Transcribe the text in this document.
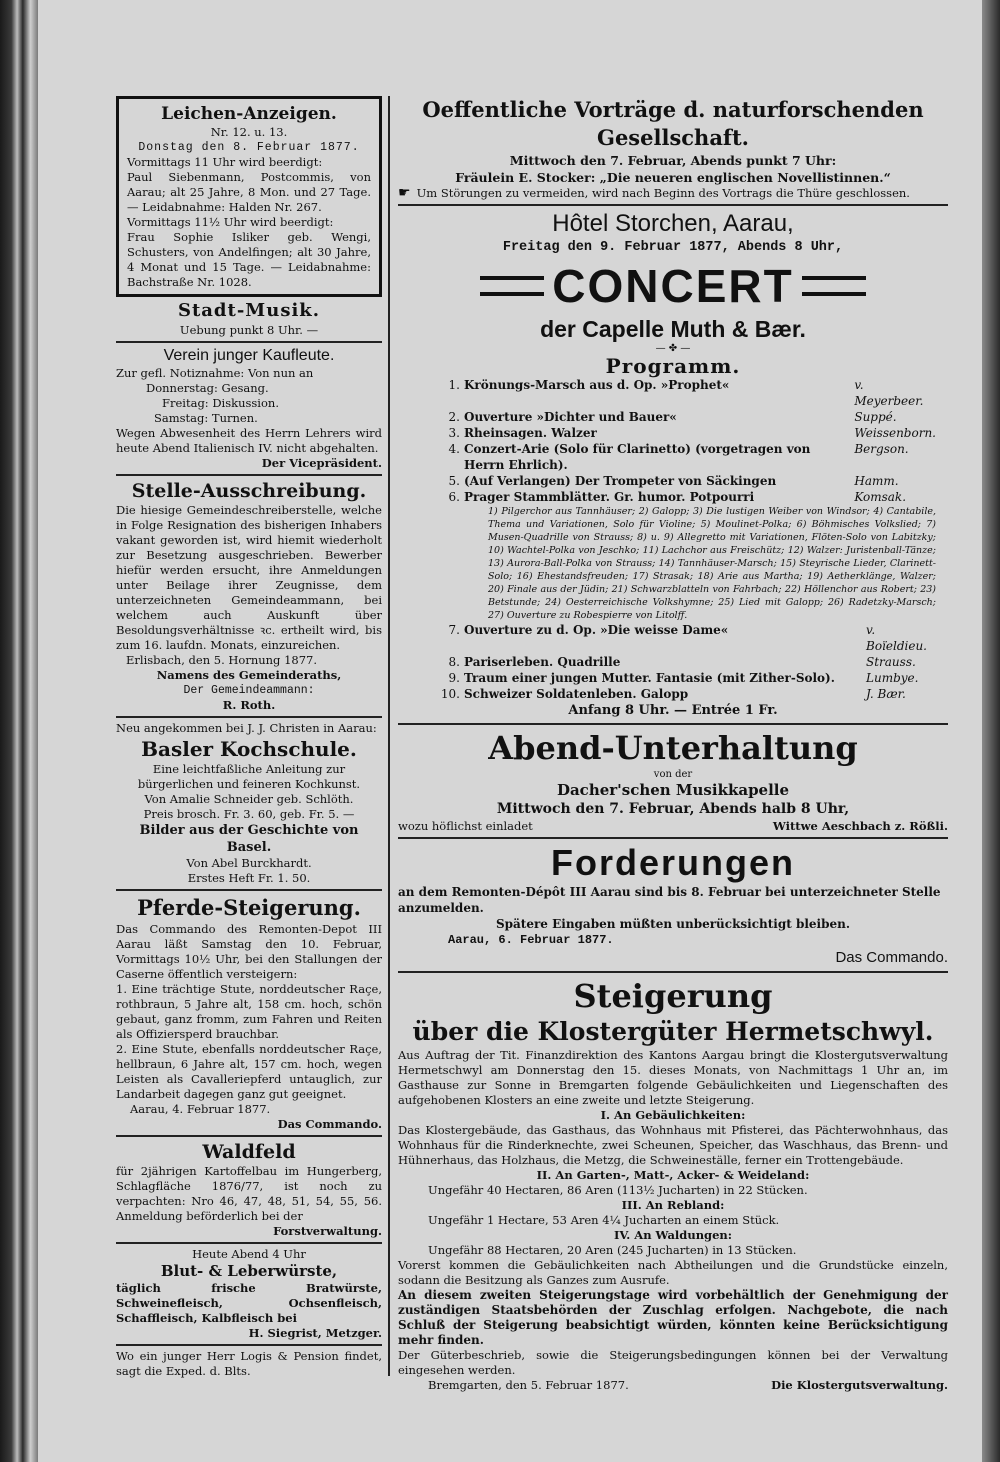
Leichen-Anzeigen.
Nr. 12. u. 13.
Donstag den 8. Februar 1877.
Vormittags 11 Uhr wird beerdigt:
Paul Siebenmann, Postcommis, von Aarau; alt 25 Jahre, 8 Mon. und 27 Tage. — Leidabnahme: Halden Nr. 267.
Vormittags 11½ Uhr wird beerdigt:
Frau Sophie Isliker geb. Wengi, Schusters, von Andelfingen; alt 30 Jahre, 4 Monat und 15 Tage. — Leidabnahme: Bachstraße Nr. 1028.
Stadt-Musik.
Uebung punkt 8 Uhr. —
Verein junger Kaufleute.
Zur gefl. Notiznahme: Von nun an
Donnerstag: Gesang.
Freitag: Diskussion.
Samstag: Turnen.
Wegen Abwesenheit des Herrn Lehrers wird heute Abend Italienisch IV. nicht abgehalten.
Der Vicepräsident.
Stelle-Ausschreibung.
Die hiesige Gemeindeschreiberstelle, welche in Folge Resignation des bisherigen Inhabers vakant geworden ist, wird hiemit wiederholt zur Besetzung ausgeschrieben. Bewerber hiefür werden ersucht, ihre Anmeldungen unter Beilage ihrer Zeugnisse, dem unterzeichneten Gemeindeammann, bei welchem auch Auskunft über Besoldungsverhältnisse ꝛc. ertheilt wird, bis zum 16. laufdn. Monats, einzureichen.
Erlisbach, den 5. Hornung 1877.
Namens des Gemeinderaths,
Der Gemeindeammann:
R. Roth.
Neu angekommen bei J. J. Christen in Aarau:
Basler Kochschule.
Eine leichtfaßliche Anleitung zur bürgerlichen und feineren Kochkunst.
Von Amalie Schneider geb. Schlöth.
Preis brosch. Fr. 3. 60, geb. Fr. 5. —
Bilder aus der Geschichte von Basel.
Von Abel Burckhardt.
Erstes Heft Fr. 1. 50.
Pferde-Steigerung.
Das Commando des Remonten-Depot III Aarau läßt Samstag den 10. Februar, Vormittags 10½ Uhr, bei den Stallungen der Caserne öffentlich versteigern:
1. Eine trächtige Stute, norddeutscher Raçe, rothbraun, 5 Jahre alt, 158 cm. hoch, schön gebaut, ganz fromm, zum Fahren und Reiten als Offiziersperd brauchbar.
2. Eine Stute, ebenfalls norddeutscher Raçe, hellbraun, 6 Jahre alt, 157 cm. hoch, wegen Leisten als Cavalleriepferd untauglich, zur Landarbeit dagegen ganz gut geeignet.
Aarau, 4. Februar 1877.
Das Commando.
Waldfeld
für 2jährigen Kartoffelbau im Hungerberg, Schlagfläche 1876/77, ist noch zu verpachten: Nro 46, 47, 48, 51, 54, 55, 56. Anmeldung beförderlich bei der
Forstverwaltung.
Heute Abend 4 Uhr
Blut- & Leberwürste,
täglich frische Bratwürste, Schweinefleisch, Ochsenfleisch, Schaffleisch, Kalbfleisch bei
H. Siegrist, Metzger.
Wo ein junger Herr Logis & Pension findet, sagt die Exped. d. Blts.
Oeffentliche Vorträge d. naturforschenden Gesellschaft.
Mittwoch den 7. Februar, Abends punkt 7 Uhr:
Fräulein E. Stocker: „Die neueren englischen Novellistinnen.“
☛ Um Störungen zu vermeiden, wird nach Beginn des Vortrags die Thüre geschlossen.
Hôtel Storchen, Aarau,
Freitag den 9. Februar 1877, Abends 8 Uhr,
CONCERT
der Capelle Muth & Bær.
— ✤ —
Programm.
1.	Krönungs-Marsch aus d. Op. »Prophet«	v. Meyerbeer.
2.	Ouverture »Dichter und Bauer«	Suppé.
3.	Rheinsagen. Walzer	Weissenborn.
4.	Conzert-Arie (Solo für Clarinetto) (vorgetragen von Herrn Ehrlich).	Bergson.
5.	(Auf Verlangen) Der Trompeter von Säckingen	Hamm.
6.	Prager Stammblätter. Gr. humor. Potpourri	Komsak.
1) Pilgerchor aus Tannhäuser; 2) Galopp; 3) Die lustigen Weiber von Windsor; 4) Cantabile, Thema und Variationen, Solo für Violine; 5) Moulinet-Polka; 6) Böhmisches Volkslied; 7) Musen-Quadrille von Strauss; 8) u. 9) Allegretto mit Variationen, Flöten-Solo von Labitzky; 10) Wachtel-Polka von Jeschko; 11) Lachchor aus Freischütz; 12) Walzer: Juristenball-Tänze; 13) Aurora-Ball-Polka von Strauss; 14) Tannhäuser-Marsch; 15) Steyrische Lieder, Clarinett-Solo; 16) Ehestandsfreuden; 17) Strasak; 18) Arie aus Martha; 19) Aetherklänge, Walzer; 20) Finale aus der Jüdin; 21) Schwarzblatteln von Fahrbach; 22) Höllenchor aus Robert; 23) Betstunde; 24) Oesterreichische Volkshymne; 25) Lied mit Galopp; 26) Radetzky-Marsch; 27) Ouverture zu Robespierre von Litolff.
7.	Ouverture zu d. Op. »Die weisse Dame«	v. Boïeldieu.
8.	Pariserleben. Quadrille	Strauss.
9.	Traum einer jungen Mutter. Fantasie (mit Zither-Solo).	Lumbye.
10.	Schweizer Soldatenleben. Galopp	J. Bær.
Anfang 8 Uhr. — Entrée 1 Fr.
Abend-Unterhaltung
von der
Dacher'schen Musikkapelle
Mittwoch den 7. Februar, Abends halb 8 Uhr,
wozu höflichst einladet	Wittwe Aeschbach z. Rößli.
Forderungen
an dem Remonten-Dépôt III Aarau sind bis 8. Februar bei unterzeichneter Stelle anzumelden.
Spätere Eingaben müßten unberücksichtigt bleiben.
Aarau, 6. Februar 1877.
Das Commando.
Steigerung
über die Klostergüter Hermetschwyl.
Aus Auftrag der Tit. Finanzdirektion des Kantons Aargau bringt die Klostergutsverwaltung Hermetschwyl am Donnerstag den 15. dieses Monats, von Nachmittags 1 Uhr an, im Gasthause zur Sonne in Bremgarten folgende Gebäulichkeiten und Liegenschaften des aufgehobenen Klosters an eine zweite und letzte Steigerung.
I. An Gebäulichkeiten:
Das Klostergebäude, das Gasthaus, das Wohnhaus mit Pfisterei, das Pächterwohnhaus, das Wohnhaus für die Rinderknechte, zwei Scheunen, Speicher, das Waschhaus, das Brenn- und Hühnerhaus, das Holzhaus, die Metzg, die Schweineställe, ferner ein Trottengebäude.
II. An Garten-, Matt-, Acker- & Weideland:
Ungefähr 40 Hectaren, 86 Aren (113½ Jucharten) in 22 Stücken.
III. An Rebland:
Ungefähr 1 Hectare, 53 Aren 4¼ Jucharten an einem Stück.
IV. An Waldungen:
Ungefähr 88 Hectaren, 20 Aren (245 Jucharten) in 13 Stücken.
Vorerst kommen die Gebäulichkeiten nach Abtheilungen und die Grundstücke einzeln, sodann die Besitzung als Ganzes zum Ausrufe.
An diesem zweiten Steigerungstage wird vorbehältlich der Genehmigung der zuständigen Staatsbehörden der Zuschlag erfolgen. Nachgebote, die nach Schluß der Steigerung beabsichtigt würden, könnten keine Berücksichtigung mehr finden.
Der Güterbeschrieb, sowie die Steigerungsbedingungen können bei der Verwaltung eingesehen werden.
Bremgarten, den 5. Februar 1877.	Die Klostergutsverwaltung.
